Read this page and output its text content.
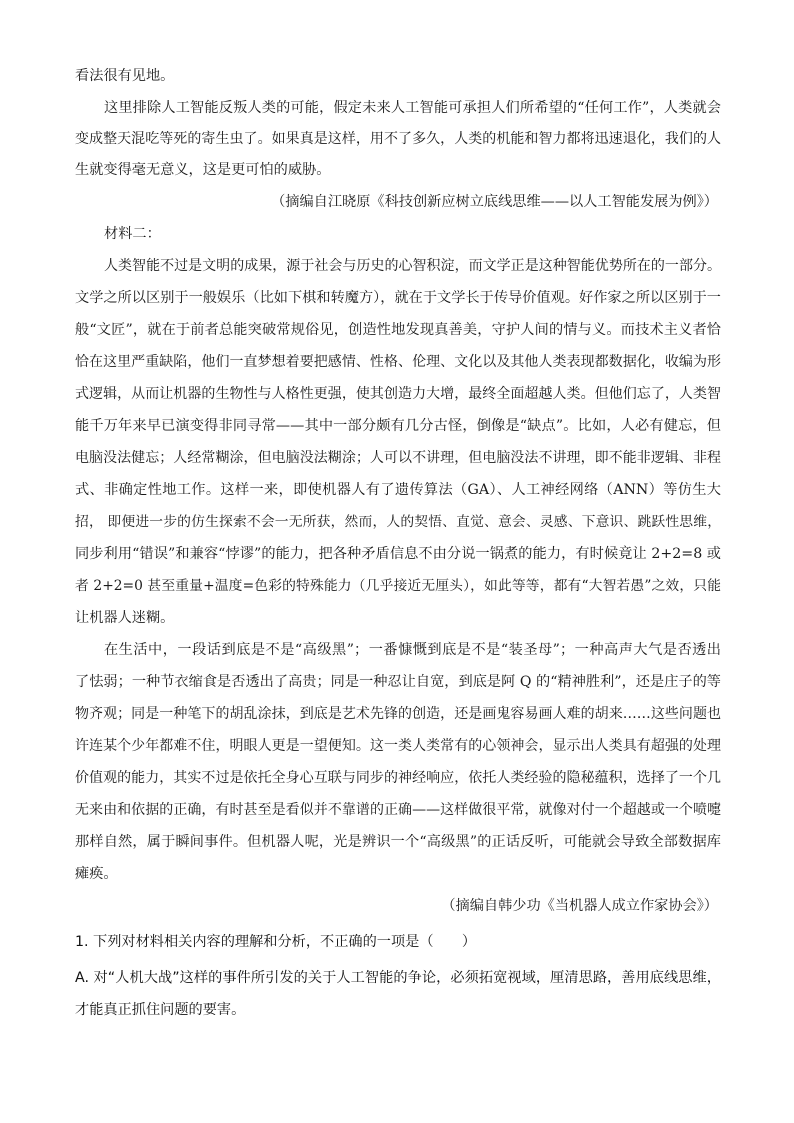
看法很有见地。
这里排除人工智能反叛人类的可能，假定未来人工智能可承担人们所希望的“任何工作”，人类就会
变成整天混吃等死的寄生虫了。如果真是这样，用不了多久，人类的机能和智力都将迅速退化，我们的人
生就变得毫无意义，这是更可怕的威胁。
（摘编自江晓原《科技创新应树立底线思维——以人工智能发展为例》）
材料二：
人类智能不过是文明的成果，源于社会与历史的心智积淀，而文学正是这种智能优势所在的一部分。
文学之所以区别于一般娱乐（比如下棋和转魔方），就在于文学长于传导价值观。好作家之所以区别于一
般“文匠”，就在于前者总能突破常规俗见，创造性地发现真善美，守护人间的情与义。而技术主义者恰
恰在这里严重缺陷，他们一直梦想着要把感情、性格、伦理、文化以及其他人类表现都数据化，收编为形
式逻辑，从而让机器的生物性与人格性更强，使其创造力大增，最终全面超越人类。但他们忘了，人类智
能千万年来早已演变得非同寻常——其中一部分颇有几分古怪，倒像是“缺点”。比如，人必有健忘，但
电脑没法健忘；人经常糊涂，但电脑没法糊涂；人可以不讲理，但电脑没法不讲理，即不能非逻辑、非程
式、非确定性地工作。这样一来，即使机器人有了遗传算法（GA）、人工神经网络（ANN）等仿生大
招， 即便进一步的仿生探索不会一无所获，然而，人的契悟、直觉、意会、灵感、下意识、跳跃性思维，
同步利用“错误”和兼容“悖谬”的能力，把各种矛盾信息不由分说一锅煮的能力，有时候竟让 2+2=8 或
者 2+2=0 甚至重量+温度=色彩的特殊能力（几乎接近无厘头），如此等等，都有“大智若愚”之效，只能
让机器人迷糊。
在生活中，一段话到底是不是“高级黑”；一番慷慨到底是不是“装圣母”；一种高声大气是否透出
了怯弱；一种节衣缩食是否透出了高贵；同是一种忍让自宽，到底是阿 Q 的“精神胜利”，还是庄子的等
物齐观；同是一种笔下的胡乱涂抹，到底是艺术先锋的创造，还是画鬼容易画人难的胡来……这些问题也
许连某个少年都难不住，明眼人更是一望便知。这一类人类常有的心领神会，显示出人类具有超强的处理
价值观的能力，其实不过是依托全身心互联与同步的神经响应，依托人类经验的隐秘蕴积，选择了一个几
无来由和依据的正确，有时甚至是看似并不靠谱的正确——这样做很平常，就像对付一个超越或一个喷嚏
那样自然，属于瞬间事件。但机器人呢，光是辨识一个“高级黑”的正话反听，可能就会导致全部数据库
瘫痪。
（摘编自韩少功《当机器人成立作家协会》）
1. 下列对材料相关内容的理解和分析，不正确的一项是（　　）
A. 对“人机大战”这样的事件所引发的关于人工智能的争论，必须拓宽视域，厘清思路，善用底线思维，
才能真正抓住问题的要害。
